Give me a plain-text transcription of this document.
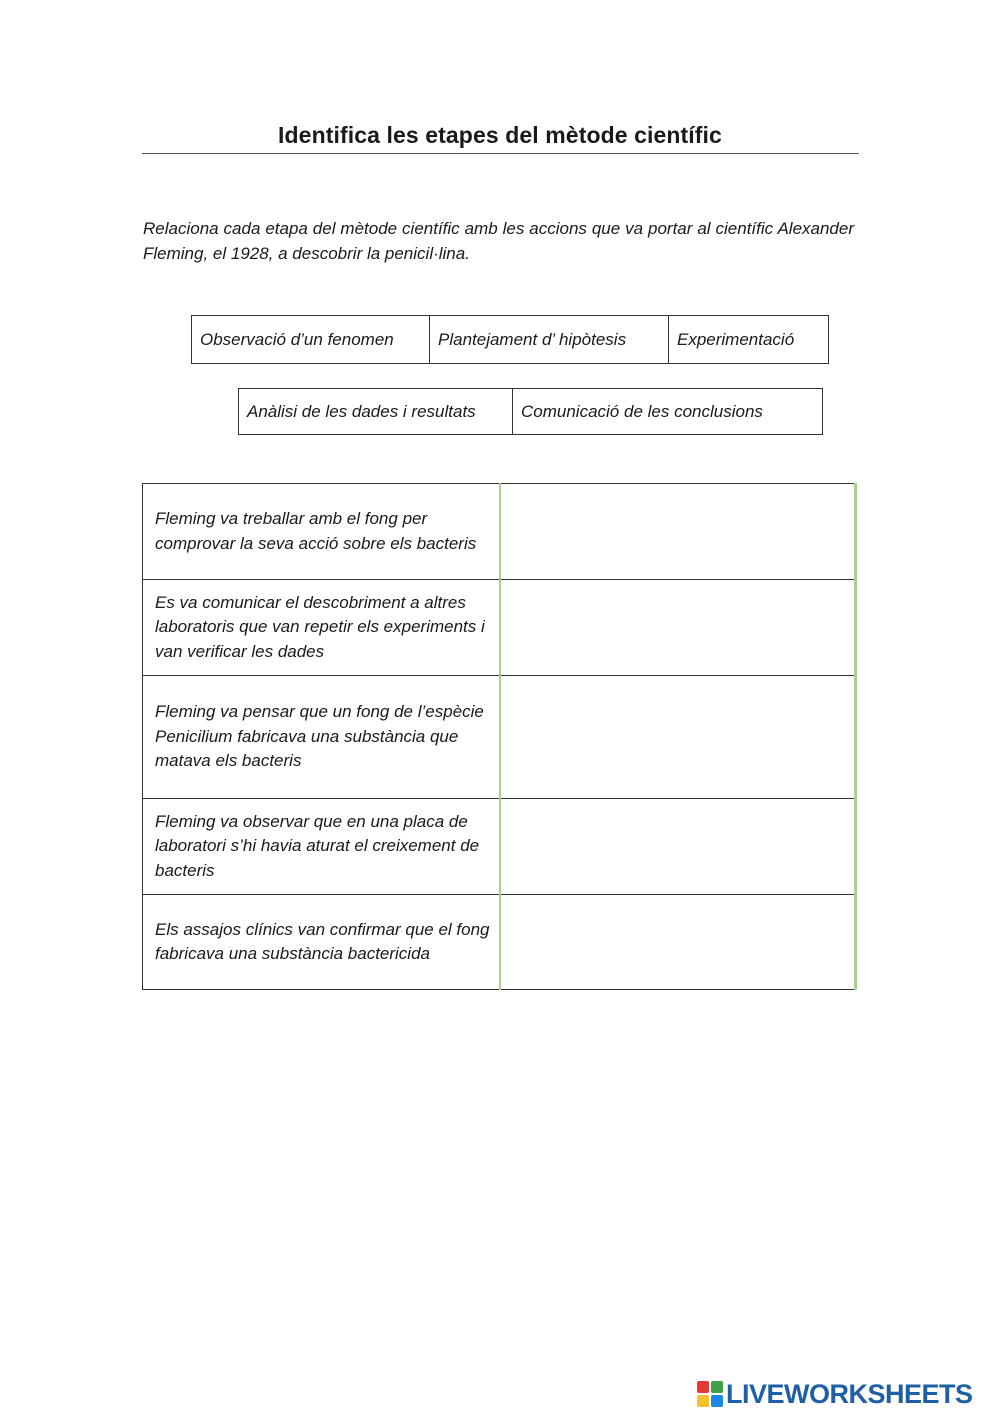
Identifica les etapes del mètode científic
Relaciona cada etapa del mètode científic amb les accions que va portar al científic Alexander Fleming, el 1928, a descobrir la penicil·lina.
Observació d’un fenomen	Plantejament d’ hipòtesis	Experimentació
Anàlisi de les dades i resultats	Comunicació de les conclusions
Fleming va treballar amb el fong per comprovar la seva acció sobre els bacteris	
Es va comunicar el descobriment a altres laboratoris que van repetir els experiments i van verificar les dades	
Fleming va pensar que un fong de l’espècie Penicilium fabricava una substància que matava els bacteris	
Fleming va observar que en una placa de laboratori s’hi havia aturat el creixement de bacteris	
Els assajos clínics van confirmar que el fong fabricava una substància bactericida	
LIVEWORKSHEETS
